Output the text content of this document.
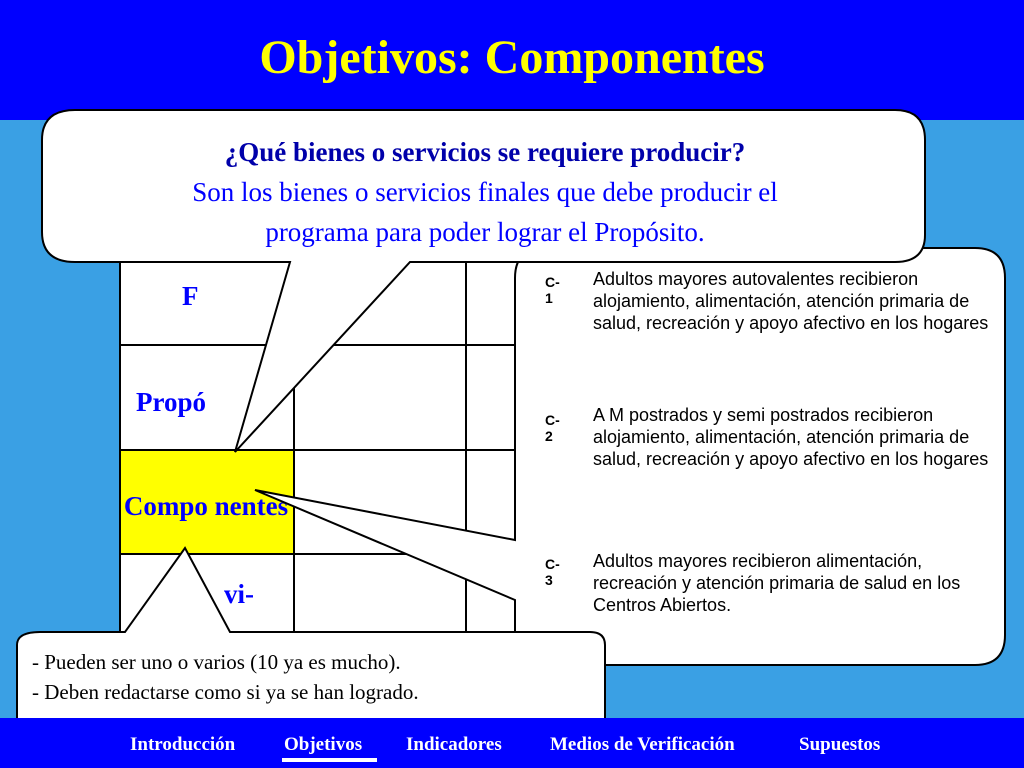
Objetivos: Componentes
F
Propó
Compo nentes
vi-
¿Qué bienes o servicios se requiere producir?
Son los bienes o servicios finales que debe producir el
programa para poder lograr el Propósito.
C-1
Adultos mayores autovalentes recibieron alojamiento, alimentación, atención primaria de salud, recreación y apoyo afectivo en los hogares
C-2
A M postrados y semi postrados recibieron alojamiento, alimentación, atención primaria de salud, recreación y apoyo afectivo en los hogares
C-3
Adultos mayores recibieron alimentación, recreación y atención primaria de salud en los Centros Abiertos.
- Pueden ser uno o varios (10 ya es mucho).
- Deben redactarse como si ya se han logrado.
Introducción	Objetivos Indicadores	Medios de Verificación	Supuestos
